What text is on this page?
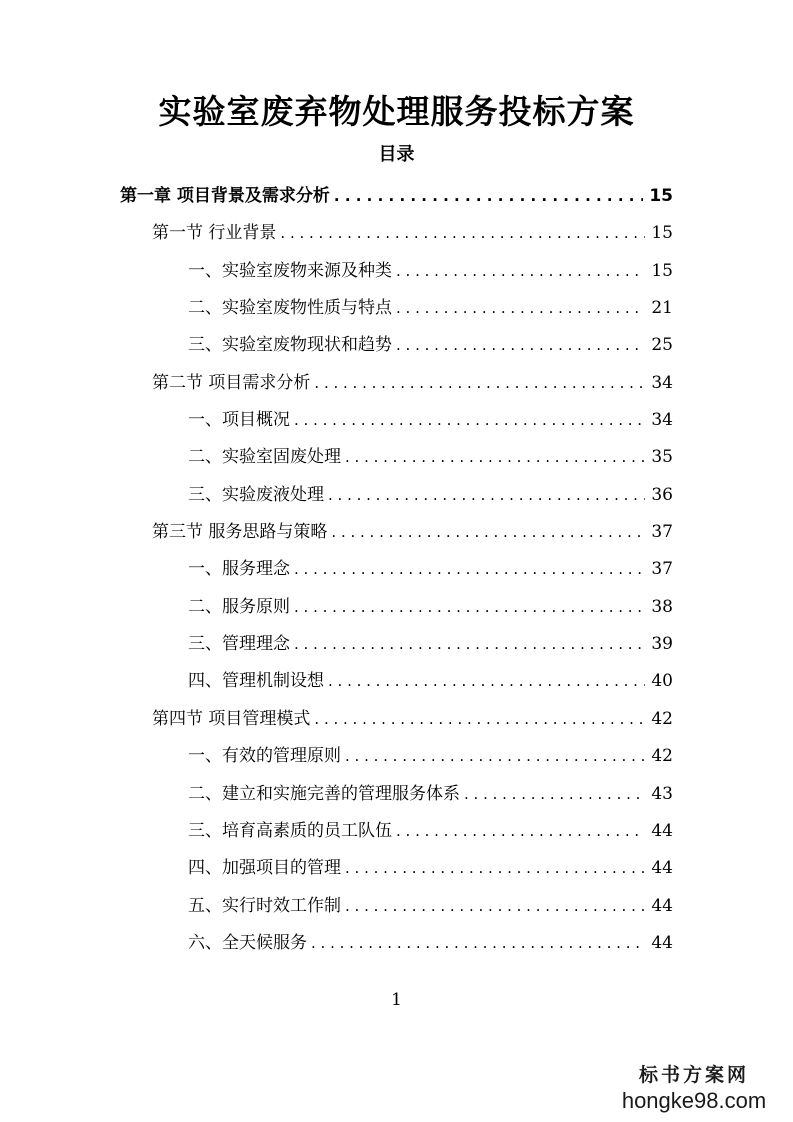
实验室废弃物处理服务投标方案
目录
第一章 项目背景及需求分析 . . .	15
第一节 行业背景 . . .	15
一、实验室废物来源及种类 . . .	15
二、实验室废物性质与特点 . . .	21
三、实验室废物现状和趋势 . . .	25
第二节 项目需求分析 . . .	34
一、项目概况 . . .	34
二、实验室固废处理 . . .	35
三、实验废液处理 . . .	36
第三节 服务思路与策略 . . .	37
一、服务理念 . . .	37
二、服务原则 . . .	38
三、管理理念 . . .	39
四、管理机制设想 . . .	40
第四节 项目管理模式 . . .	42
一、有效的管理原则 . . .	42
二、建立和实施完善的管理服务体系 . . .	43
三、培育高素质的员工队伍 . . .	44
四、加强项目的管理 . . .	44
五、实行时效工作制 . . .	44
六、全天候服务 . . .	44
1
标书方案网
hongke98.com
